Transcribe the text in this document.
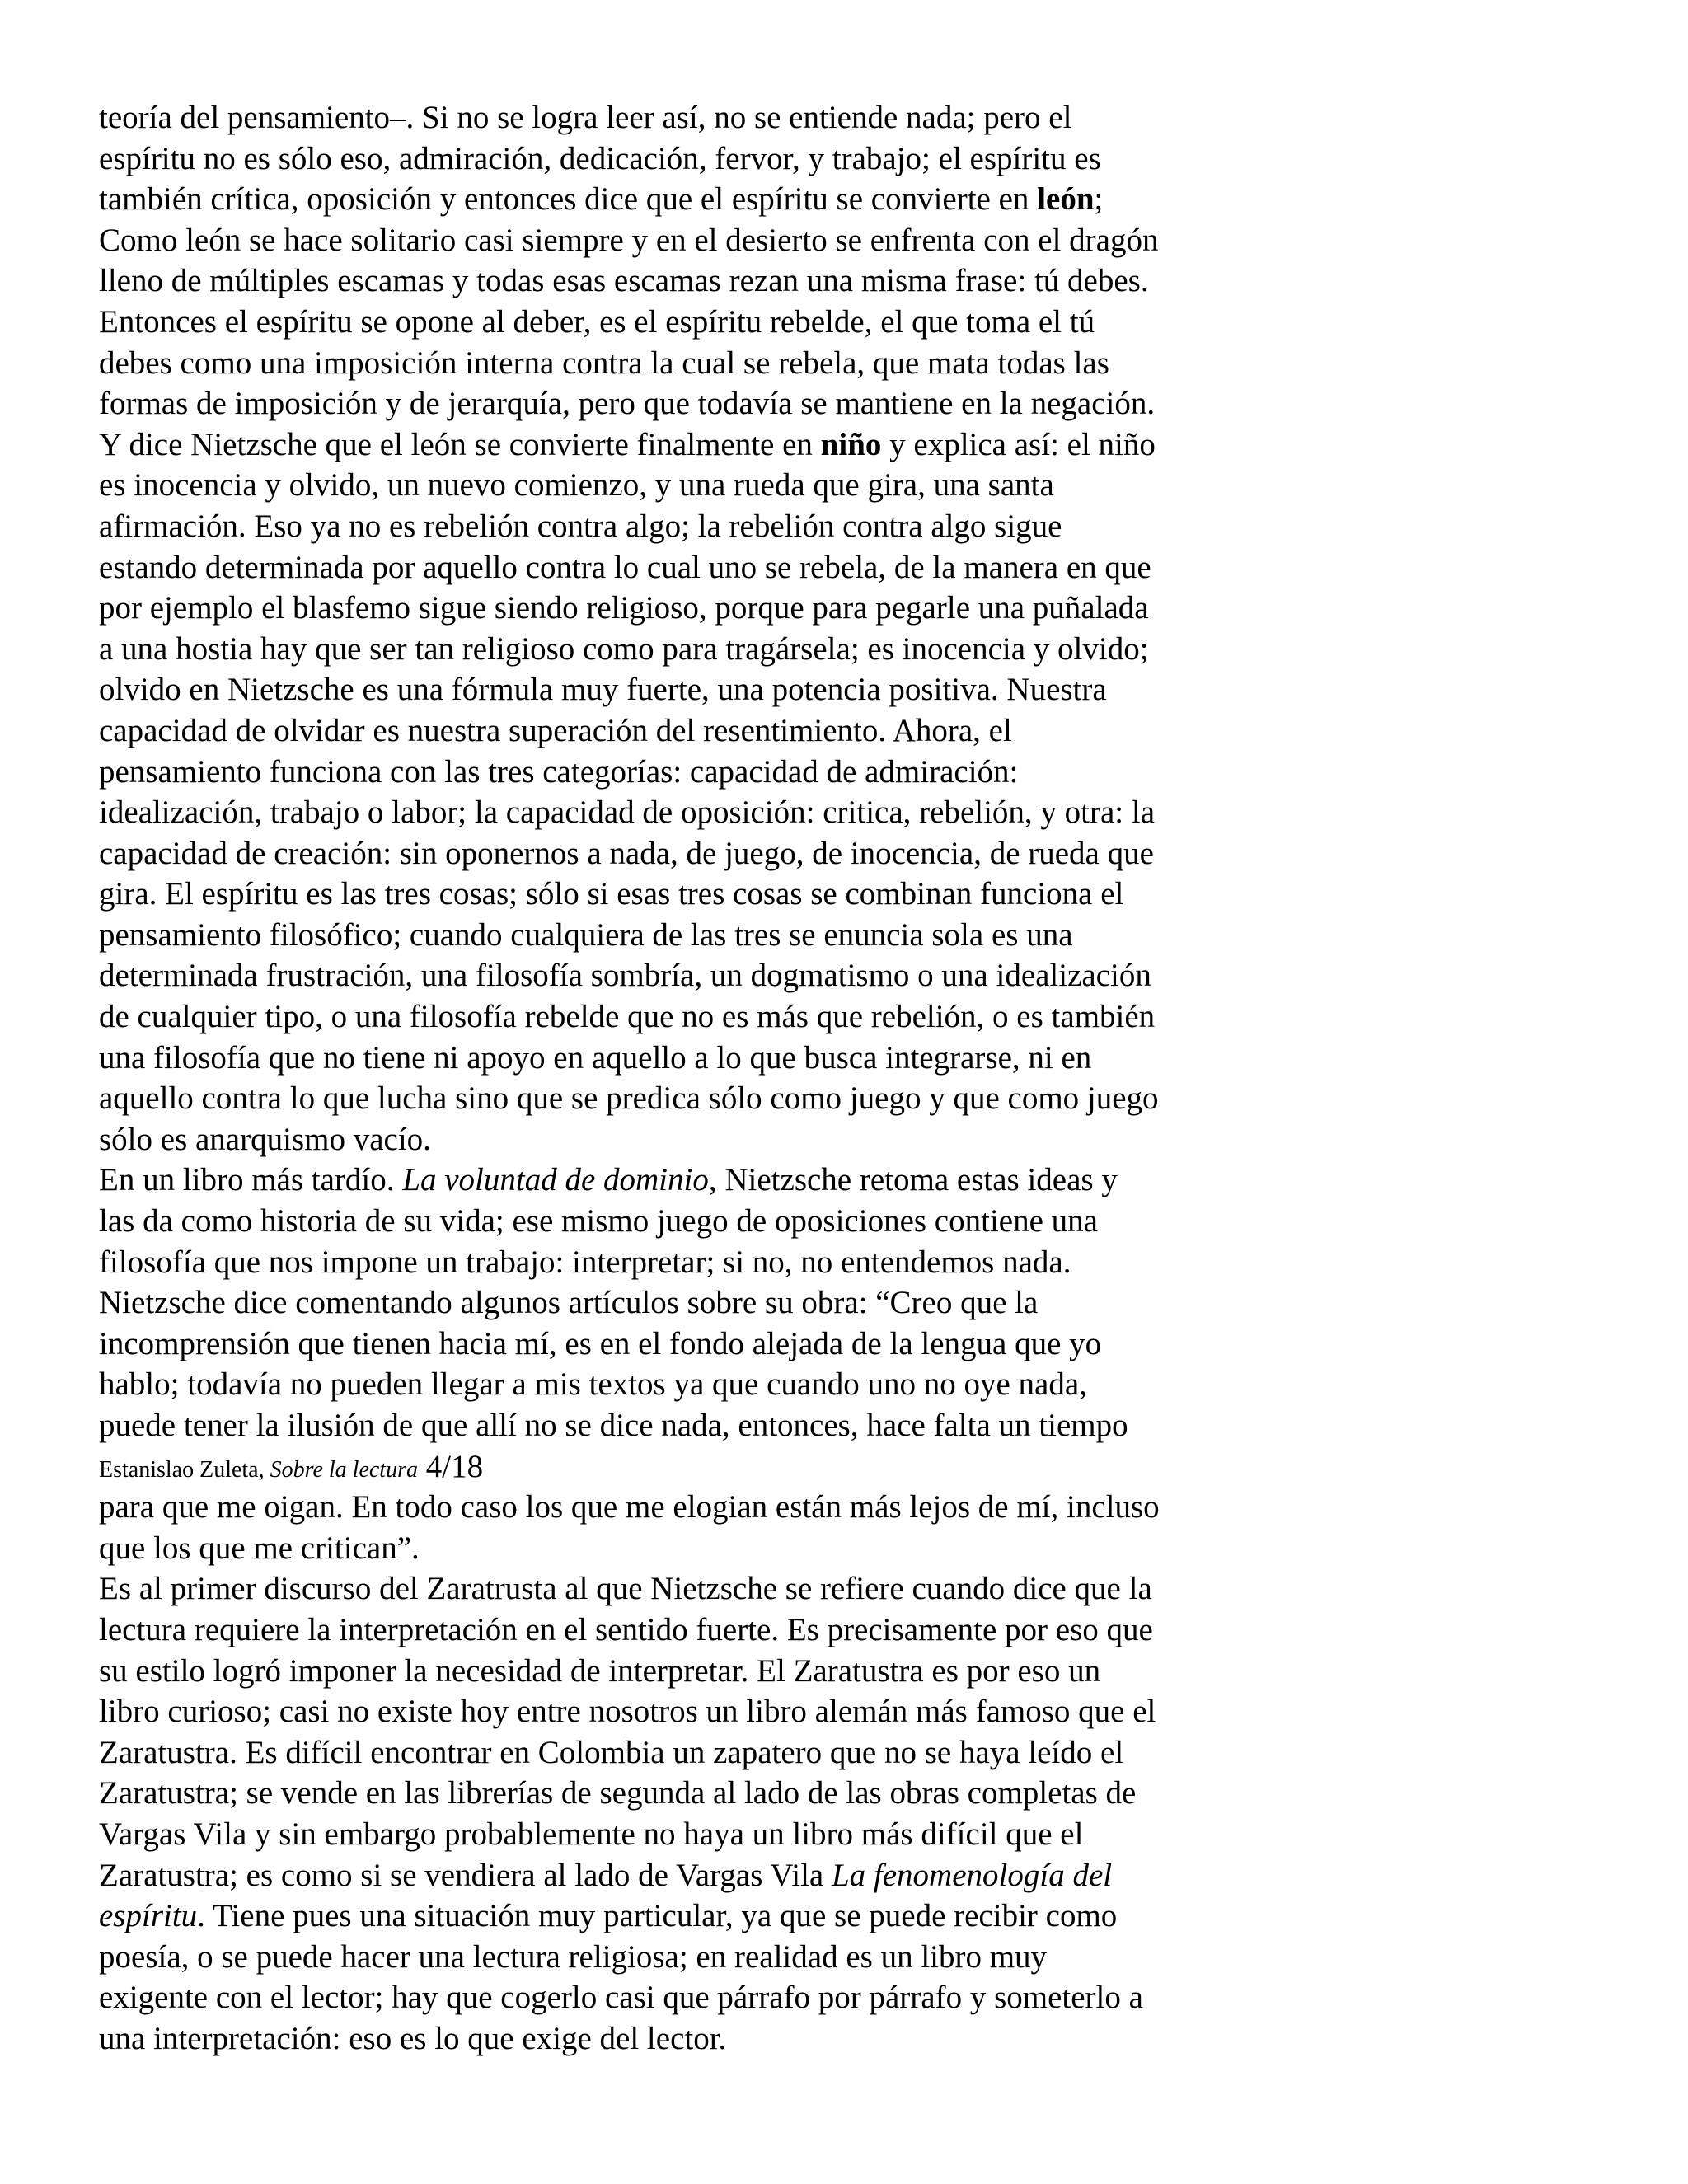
teoría del pensamiento–. Si no se logra leer así, no se entiende nada; pero el
espíritu no es sólo eso, admiración, dedicación, fervor, y trabajo; el espíritu es
también crítica, oposición y entonces dice que el espíritu se convierte en león;
Como león se hace solitario casi siempre y en el desierto se enfrenta con el dragón
lleno de múltiples escamas y todas esas escamas rezan una misma frase: tú debes.
Entonces el espíritu se opone al deber, es el espíritu rebelde, el que toma el tú
debes como una imposición interna contra la cual se rebela, que mata todas las
formas de imposición y de jerarquía, pero que todavía se mantiene en la negación.
Y dice Nietzsche que el león se convierte finalmente en niño y explica así: el niño
es inocencia y olvido, un nuevo comienzo, y una rueda que gira, una santa
afirmación. Eso ya no es rebelión contra algo; la rebelión contra algo sigue
estando determinada por aquello contra lo cual uno se rebela, de la manera en que
por ejemplo el blasfemo sigue siendo religioso, porque para pegarle una puñalada
a una hostia hay que ser tan religioso como para tragársela; es inocencia y olvido;
olvido en Nietzsche es una fórmula muy fuerte, una potencia positiva. Nuestra
capacidad de olvidar es nuestra superación del resentimiento. Ahora, el
pensamiento funciona con las tres categorías: capacidad de admiración:
idealización, trabajo o labor; la capacidad de oposición: critica, rebelión, y otra: la
capacidad de creación: sin oponernos a nada, de juego, de inocencia, de rueda que
gira. El espíritu es las tres cosas; sólo si esas tres cosas se combinan funciona el
pensamiento filosófico; cuando cualquiera de las tres se enuncia sola es una
determinada frustración, una filosofía sombría, un dogmatismo o una idealización
de cualquier tipo, o una filosofía rebelde que no es más que rebelión, o es también
una filosofía que no tiene ni apoyo en aquello a lo que busca integrarse, ni en
aquello contra lo que lucha sino que se predica sólo como juego y que como juego
sólo es anarquismo vacío.
En un libro más tardío. La voluntad de dominio, Nietzsche retoma estas ideas y
las da como historia de su vida; ese mismo juego de oposiciones contiene una
filosofía que nos impone un trabajo: interpretar; si no, no entendemos nada.
Nietzsche dice comentando algunos artículos sobre su obra: “Creo que la
incomprensión que tienen hacia mí, es en el fondo alejada de la lengua que yo
hablo; todavía no pueden llegar a mis textos ya que cuando uno no oye nada,
puede tener la ilusión de que allí no se dice nada, entonces, hace falta un tiempo
Estanislao Zuleta, Sobre la lectura 4/18
para que me oigan. En todo caso los que me elogian están más lejos de mí, incluso
que los que me critican”.
Es al primer discurso del Zaratrusta al que Nietzsche se refiere cuando dice que la
lectura requiere la interpretación en el sentido fuerte. Es precisamente por eso que
su estilo logró imponer la necesidad de interpretar. El Zaratustra es por eso un
libro curioso; casi no existe hoy entre nosotros un libro alemán más famoso que el
Zaratustra. Es difícil encontrar en Colombia un zapatero que no se haya leído el
Zaratustra; se vende en las librerías de segunda al lado de las obras completas de
Vargas Vila y sin embargo probablemente no haya un libro más difícil que el
Zaratustra; es como si se vendiera al lado de Vargas Vila La fenomenología del
espíritu. Tiene pues una situación muy particular, ya que se puede recibir como
poesía, o se puede hacer una lectura religiosa; en realidad es un libro muy
exigente con el lector; hay que cogerlo casi que párrafo por párrafo y someterlo a
una interpretación: eso es lo que exige del lector.
